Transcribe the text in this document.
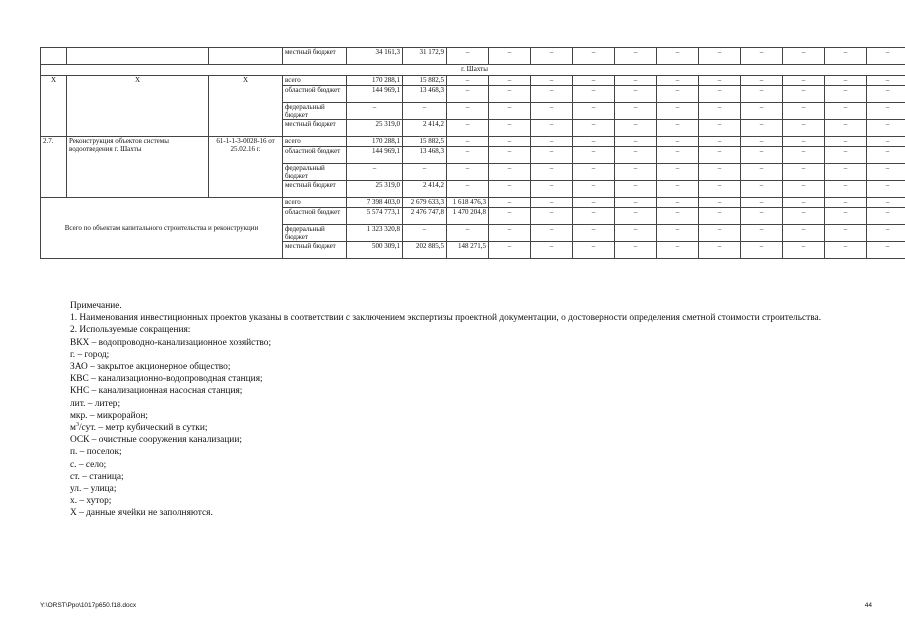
			местный бюджет	34 161,3	31 172,9	–	–	–	–	–	–	–	–	–	–	–
г. Шахты																
X	X	X	всего	170 288,1	15 882,5	–	–	–	–	–	–	–	–	–	–	–
			областной бюджет	144 969,1	13 468,3	–	–	–	–	–	–	–	–	–	–	–
			федеральный бюджет	–	–	–	–	–	–	–	–	–	–	–	–	–
			местный бюджет	25 319,0	2 414,2	–	–	–	–	–	–	–	–	–	–	–
2.7.	Реконструкция объектов системы водоотведения г. Шахты	61-1-1-3-0028-16 от 25.02.16 г.	всего	170 288,1	15 882,5	–	–	–	–	–	–	–	–	–	–	–
			областной бюджет	144 969,1	13 468,3	–	–	–	–	–	–	–	–	–	–	–
			федеральный бюджет	–	–	–	–	–	–	–	–	–	–	–	–	–
			местный бюджет	25 319,0	2 414,2	–	–	–	–	–	–	–	–	–	–	–
Всего по объектам капитального строительства и реконструкции			всего	7 398 403,0	2 679 633,3	1 618 476,3	–	–	–	–	–	–	–	–	–	–
			областной бюджет	5 574 773,1	2 476 747,8	1 470 204,8	–	–	–	–	–	–	–	–	–	–
			федеральный бюджет	1 323 320,8	–	–	–	–	–	–	–	–	–	–	–	–
			местный бюджет	500 309,1	202 885,5	148 271,5	–	–	–	–	–	–	–	–	–	–

Примечание.

1. Наименования инвестиционных проектов указаны в соответствии с заключением экспертизы проектной документации, о достоверности определения сметной стоимости строительства.

2. Используемые сокращения:

ВКХ – водопроводно-канализационное хозяйство;

г. – город;

ЗАО – закрытое акционерное общество;

КВС – канализационно-водопроводная станция;

КНС – канализационная насосная станция;

лит. – литер;

мкр. – микрорайон;

$м^3$/сут. – метр кубический в сутки;

ОСК – очистные сооружения канализации;

п. – поселок;

с. – село;

ст. – станица;

ул. – улица;

х. – хутор;

Х – данные ячейки не заполняются.

Y:\ORST\Ppo\1017p650.f18.docx	44
